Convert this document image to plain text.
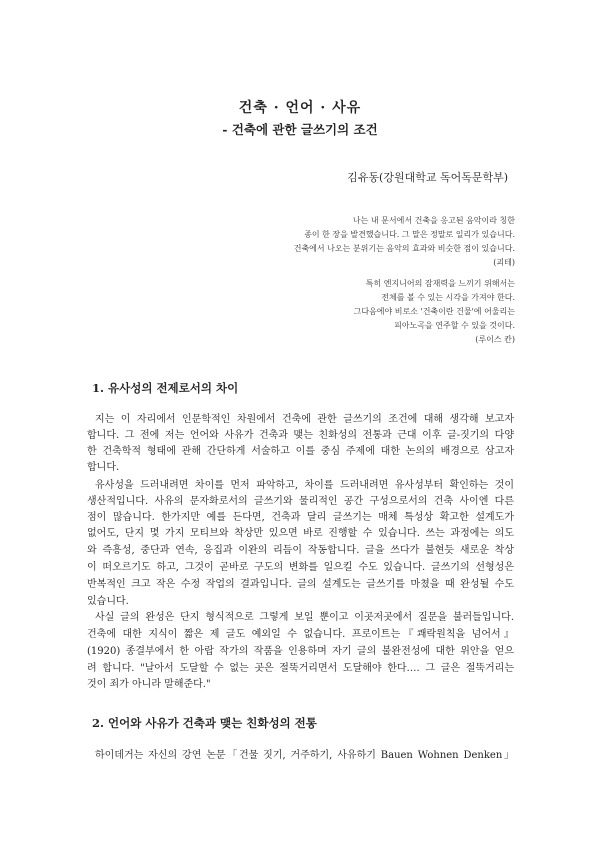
건축 · 언어 · 사유
- 건축에 관한 글쓰기의 조건
김유동(강원대학교 독어독문학부)
나는 내 문서에서 건축을 응고된 음악이라 칭한
종이 한 장을 발견했습니다. 그 말은 정말로 일리가 있습니다.
건축에서 나오는 분위기는 음악의 효과와 비슷한 점이 있습니다.
(괴테)
특히 엔지니어의 잠재력을 느끼기 위해서는
전체를 볼 수 있는 시각을 가져야 한다.
그다음에야 비로소 '건축이란 건물'에 어울리는
피아노곡을 연주할 수 있을 것이다.
(루이스 칸)
1. 유사성의 전제로서의 차이
지는 이 자리에서 인문학적인 차원에서 건축에 관한 글쓰기의 조건에 대해 생각해 보고자
합니다. 그 전에 저는 언어와 사유가 건축과 맺는 친화성의 전통과 근대 이후 글-짓기의 다양
한 건축학적 형태에 관해 간단하게 서술하고 이를 중심 주제에 대한 논의의 배경으로 삼고자
합니다.
유사성을 드러내려면 차이를 먼저 파악하고, 차이를 드러내려면 유사성부터 확인하는 것이
생산적입니다. 사유의 문자화로서의 글쓰기와 물리적인 공간 구성으로서의 건축 사이엔 다른
점이 많습니다. 한가지만 예를 든다면, 건축과 달리 글쓰기는 매체 특성상 확고한 설계도가
없어도, 단지 몇 가지 모티브와 착상만 있으면 바로 진행할 수 있습니다. 쓰는 과정에는 의도
와 즉흥성, 중단과 연속, 응집과 이완의 리듬이 작동합니다. 글을 쓰다가 불현듯 새로운 착상
이 떠오르기도 하고, 그것이 곧바로 구도의 변화를 일으킬 수도 있습니다. 글쓰기의 선형성은
반복적인 크고 작은 수정 작업의 결과입니다. 글의 설계도는 글쓰기를 마쳤을 때 완성될 수도
있습니다.
사실 글의 완성은 단지 형식적으로 그렇게 보일 뿐이고 이곳저곳에서 질문을 불러들입니다.
건축에 대한 지식이 짧은 제 글도 예외일 수 없습니다. 프로이트는『쾌락원칙을 넘어서』
(1920) 종결부에서 한 아랍 작가의 작품을 인용하며 자기 글의 불완전성에 대한 위안을 얻으
려 합니다. "날아서 도달할 수 없는 곳은 절뚝거리면서 도달해야 한다…. 그 글은 절뚝거리는
것이 죄가 아니라 말해준다."
2. 언어와 사유가 건축과 맺는 친화성의 전통
하이데거는 자신의 강연 논문「건물 짓기, 거주하기, 사유하기 Bauen Wohnen Denken」
